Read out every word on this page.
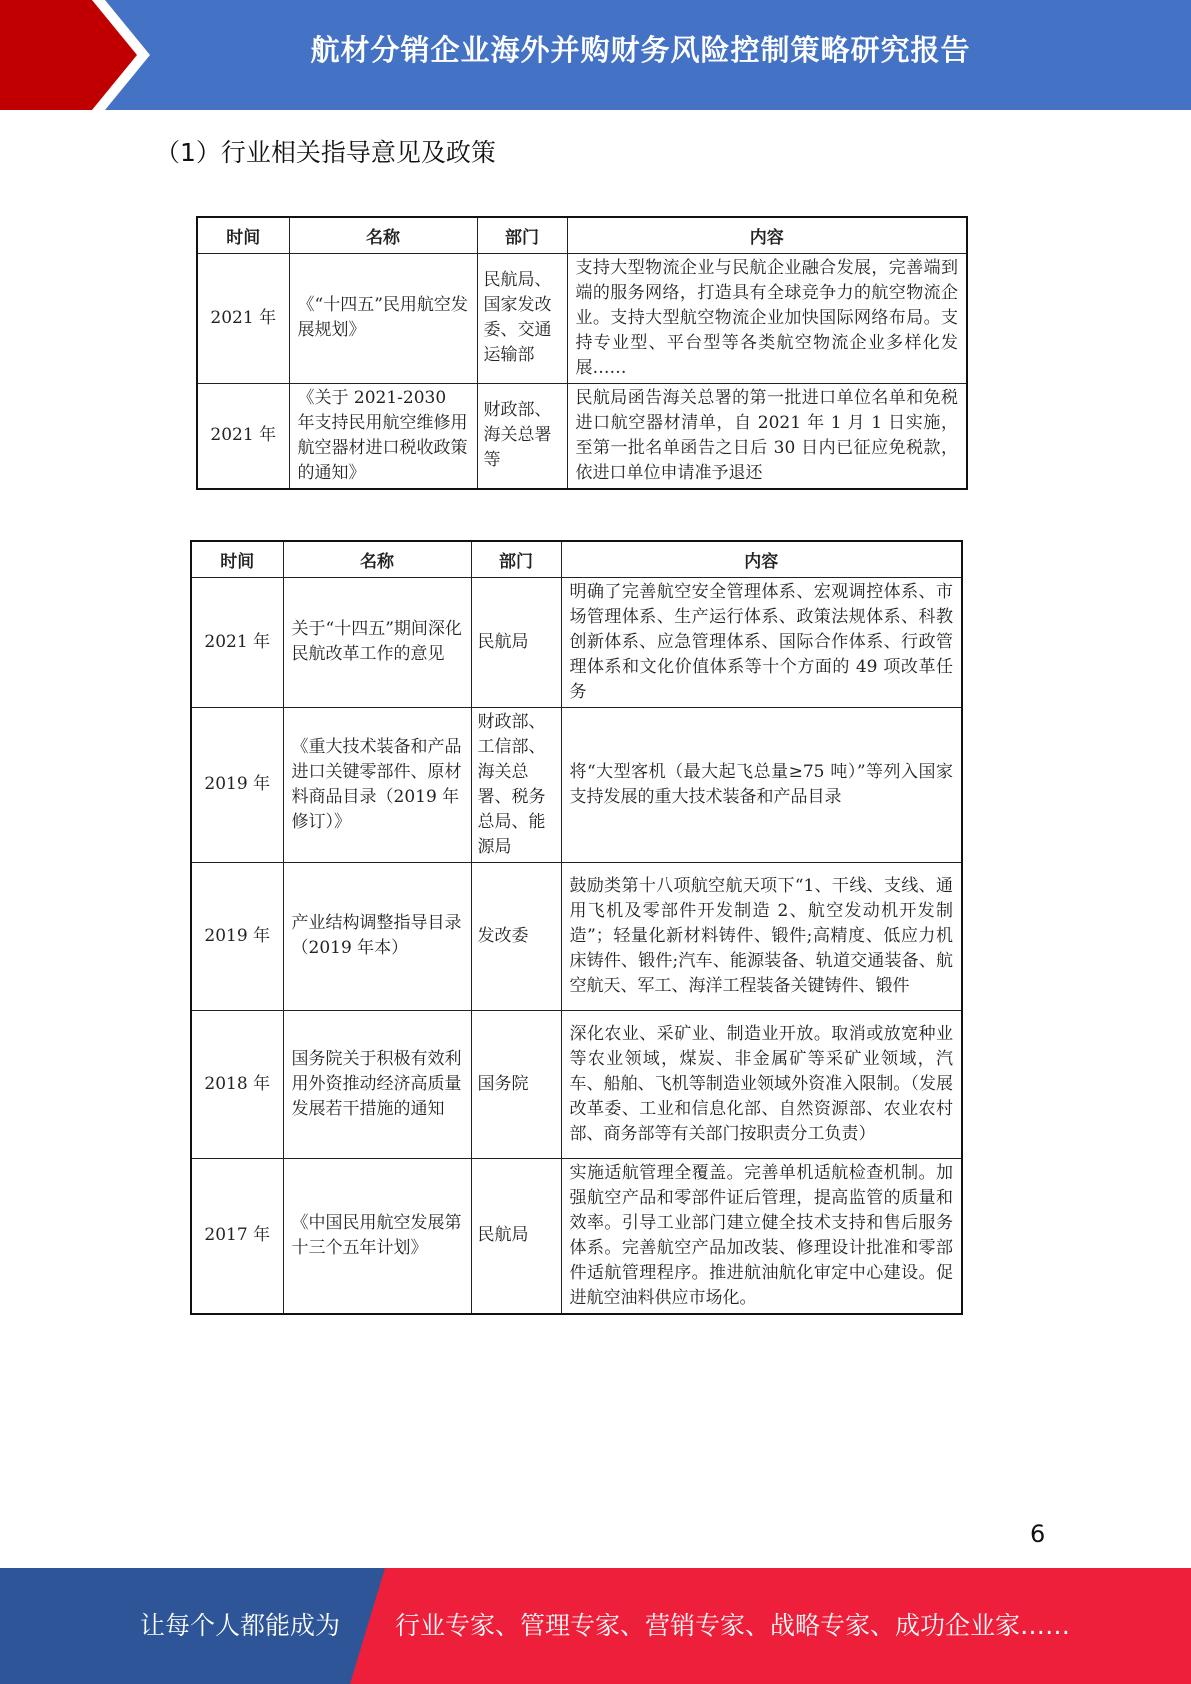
航材分销企业海外并购财务风险控制策略研究报告
（1）行业相关指导意见及政策
时间	名称	部门	内容
2021 年	《“十四五”民用航空发展规划》	民航局、国家发改委、交通运输部	支持大型物流企业与民航企业融合发展，完善端到端的服务网络，打造具有全球竞争力的航空物流企业。支持大型航空物流企业加快国际网络布局。支持专业型、平台型等各类航空物流企业多样化发展……
2021 年	《关于 2021-2030 年支持民用航空维修用航空器材进口税收政策的通知》	财政部、海关总署等	民航局函告海关总署的第一批进口单位名单和免税进口航空器材清单，自 2021 年 1 月 1 日实施，至第一批名单函告之日后 30 日内已征应免税款，依进口单位申请准予退还
时间	名称	部门	内容
2021 年	关于“十四五”期间深化民航改革工作的意见	民航局	明确了完善航空安全管理体系、宏观调控体系、市场管理体系、生产运行体系、政策法规体系、科教创新体系、应急管理体系、国际合作体系、行政管理体系和文化价值体系等十个方面的 49 项改革任务
2019 年	《重大技术装备和产品进口关键零部件、原材料商品目录（2019 年修订）》	财政部、工信部、海关总署、税务总局、能源局	将“大型客机（最大起飞总量≥75 吨）”等列入国家支持发展的重大技术装备和产品目录
2019 年	产业结构调整指导目录（2019 年本）	发改委	鼓励类第十八项航空航天项下“1、干线、支线、通用飞机及零部件开发制造 2、航空发动机开发制造”；轻量化新材料铸件、锻件;高精度、低应力机床铸件、锻件;汽车、能源装备、轨道交通装备、航空航天、军工、海洋工程装备关键铸件、锻件
2018 年	国务院关于积极有效利用外资推动经济高质量发展若干措施的通知	国务院	深化农业、采矿业、制造业开放。取消或放宽种业等农业领域，煤炭、非金属矿等采矿业领域，汽车、船舶、飞机等制造业领域外资准入限制。（发展改革委、工业和信息化部、自然资源部、农业农村部、商务部等有关部门按职责分工负责）
2017 年	《中国民用航空发展第十三个五年计划》	民航局	实施适航管理全覆盖。完善单机适航检查机制。加强航空产品和零部件证后管理，提高监管的质量和效率。引导工业部门建立健全技术支持和售后服务体系。完善航空产品加改装、修理设计批准和零部件适航管理程序。推进航油航化审定中心建设。促进航空油料供应市场化。
6
让每个人都能成为 行业专家、管理专家、营销专家、战略专家、成功企业家……
